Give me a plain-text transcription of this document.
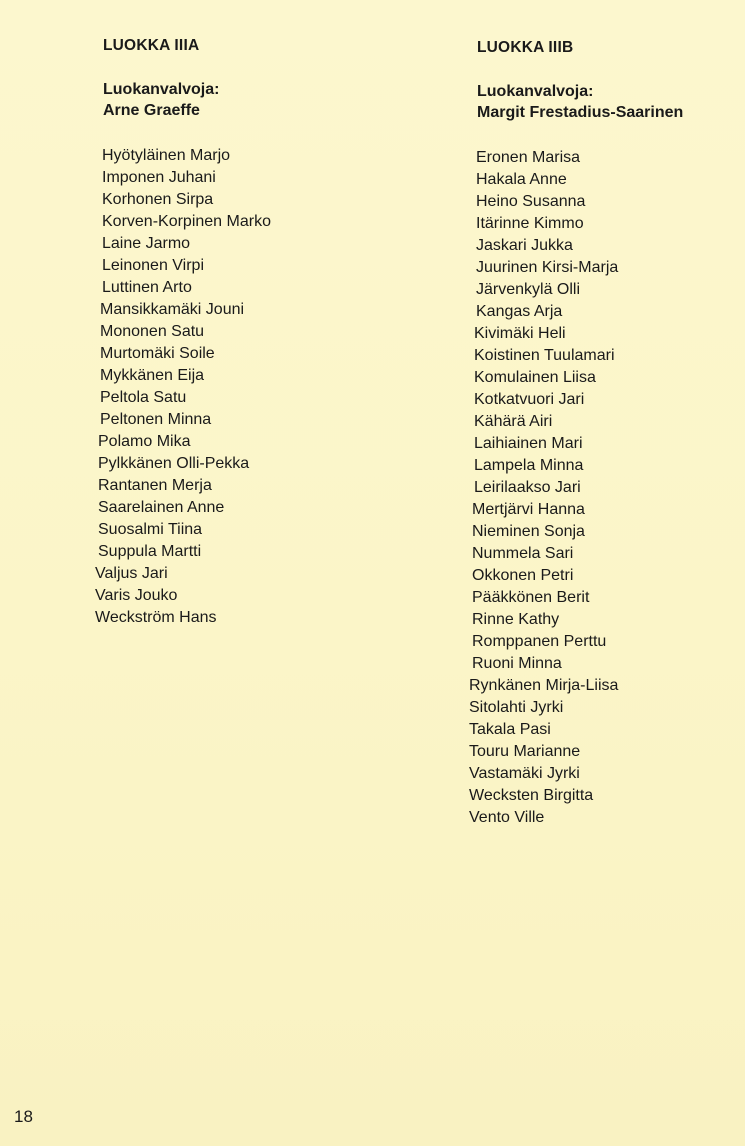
LUOKKA IIIA
Luokanvalvoja:
Arne Graeffe
Hyötyläinen Marjo
Imponen Juhani
Korhonen Sirpa
Korven-Korpinen Marko
Laine Jarmo
Leinonen Virpi
Luttinen Arto
Mansikkamäki Jouni
Mononen Satu
Murtomäki Soile
Mykkänen Eija
Peltola Satu
Peltonen Minna
Polamo Mika
Pylkkänen Olli-Pekka
Rantanen Merja
Saarelainen Anne
Suosalmi Tiina
Suppula Martti
Valjus Jari
Varis Jouko
Weckström Hans
LUOKKA IIIB
Luokanvalvoja:
Margit Frestadius-Saarinen
Eronen Marisa
Hakala Anne
Heino Susanna
Itärinne Kimmo
Jaskari Jukka
Juurinen Kirsi-Marja
Järvenkylä Olli
Kangas Arja
Kivimäki Heli
Koistinen Tuulamari
Komulainen Liisa
Kotkatvuori Jari
Kähärä Airi
Laihiainen Mari
Lampela Minna
Leirilaakso Jari
Mertjärvi Hanna
Nieminen Sonja
Nummela Sari
Okkonen Petri
Pääkkönen Berit
Rinne Kathy
Romppanen Perttu
Ruoni Minna
Rynkänen Mirja-Liisa
Sitolahti Jyrki
Takala Pasi
Touru Marianne
Vastamäki Jyrki
Wecksten Birgitta
Vento Ville
18
